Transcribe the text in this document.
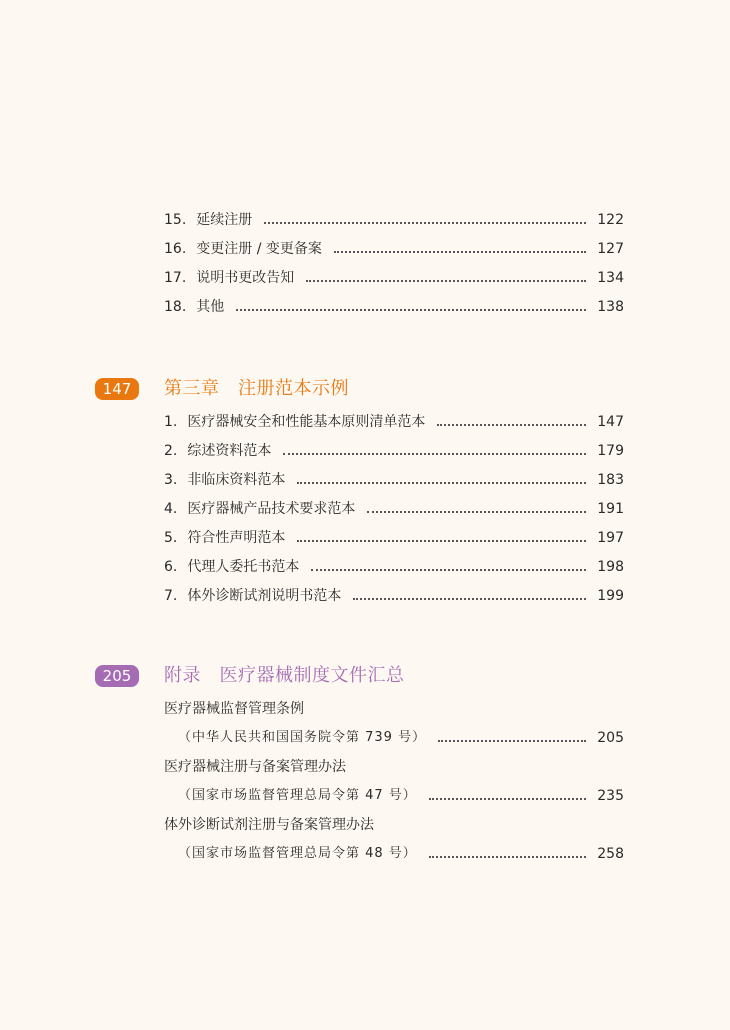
15. 延续注册	122
16. 变更注册 / 变更备案	127
17. 说明书更改告知	134
18. 其他	138
147	第三章　注册范本示例
1. 医疗器械安全和性能基本原则清单范本	147
2. 综述资料范本	179
3. 非临床资料范本	183
4. 医疗器械产品技术要求范本	191
5. 符合性声明范本	197
6. 代理人委托书范本	198
7. 体外诊断试剂说明书范本	199
205	附录　医疗器械制度文件汇总
医疗器械监督管理条例
（中华人民共和国国务院令第 739 号）	205
医疗器械注册与备案管理办法
（国家市场监督管理总局令第 47 号）	235
体外诊断试剂注册与备案管理办法
（国家市场监督管理总局令第 48 号）	258
